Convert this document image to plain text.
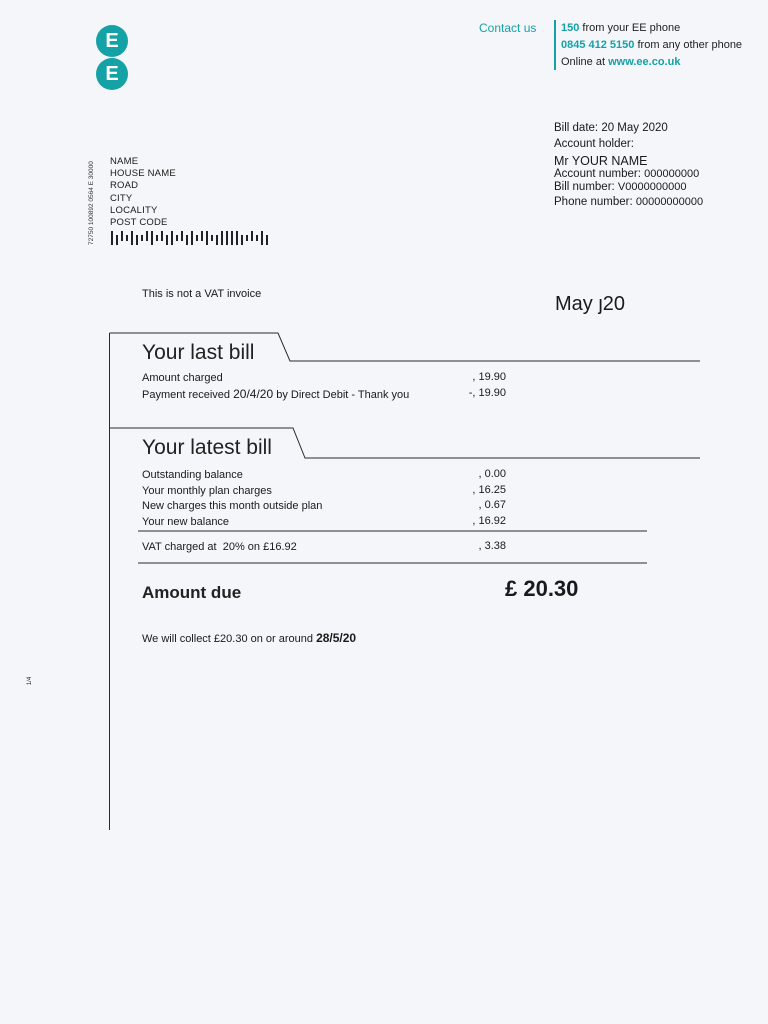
E
E
Contact us 150 from your EE phone
0845 412 5150 from any other phone
Online at www.ee.co.uk
Bill date: 20 May 2020
Account holder:
Mr YOUR NAME
Account number: 000000000
Bill number: V0000000000
Phone number: 00000000000
72750 100892 0564 E 30000	NAME
HOUSE NAME
ROAD
CITY
LOCALITY
POST CODE
This is not a VAT invoice	May ȷ20
Your last bill
Amount charged	, 19.90
Payment received 20/4/20 by Direct Debit - Thank you	-, 19.90
Your latest bill
Outstanding balance	, 0.00
Your monthly plan charges	, 16.25
New charges this month outside plan	, 0.67
Your new balance	, 16.92
VAT charged at 20% on £16.92	, 3.38
Amount due	£ 20.30
We will collect £20.30 on or around 28/5/20
1/4
